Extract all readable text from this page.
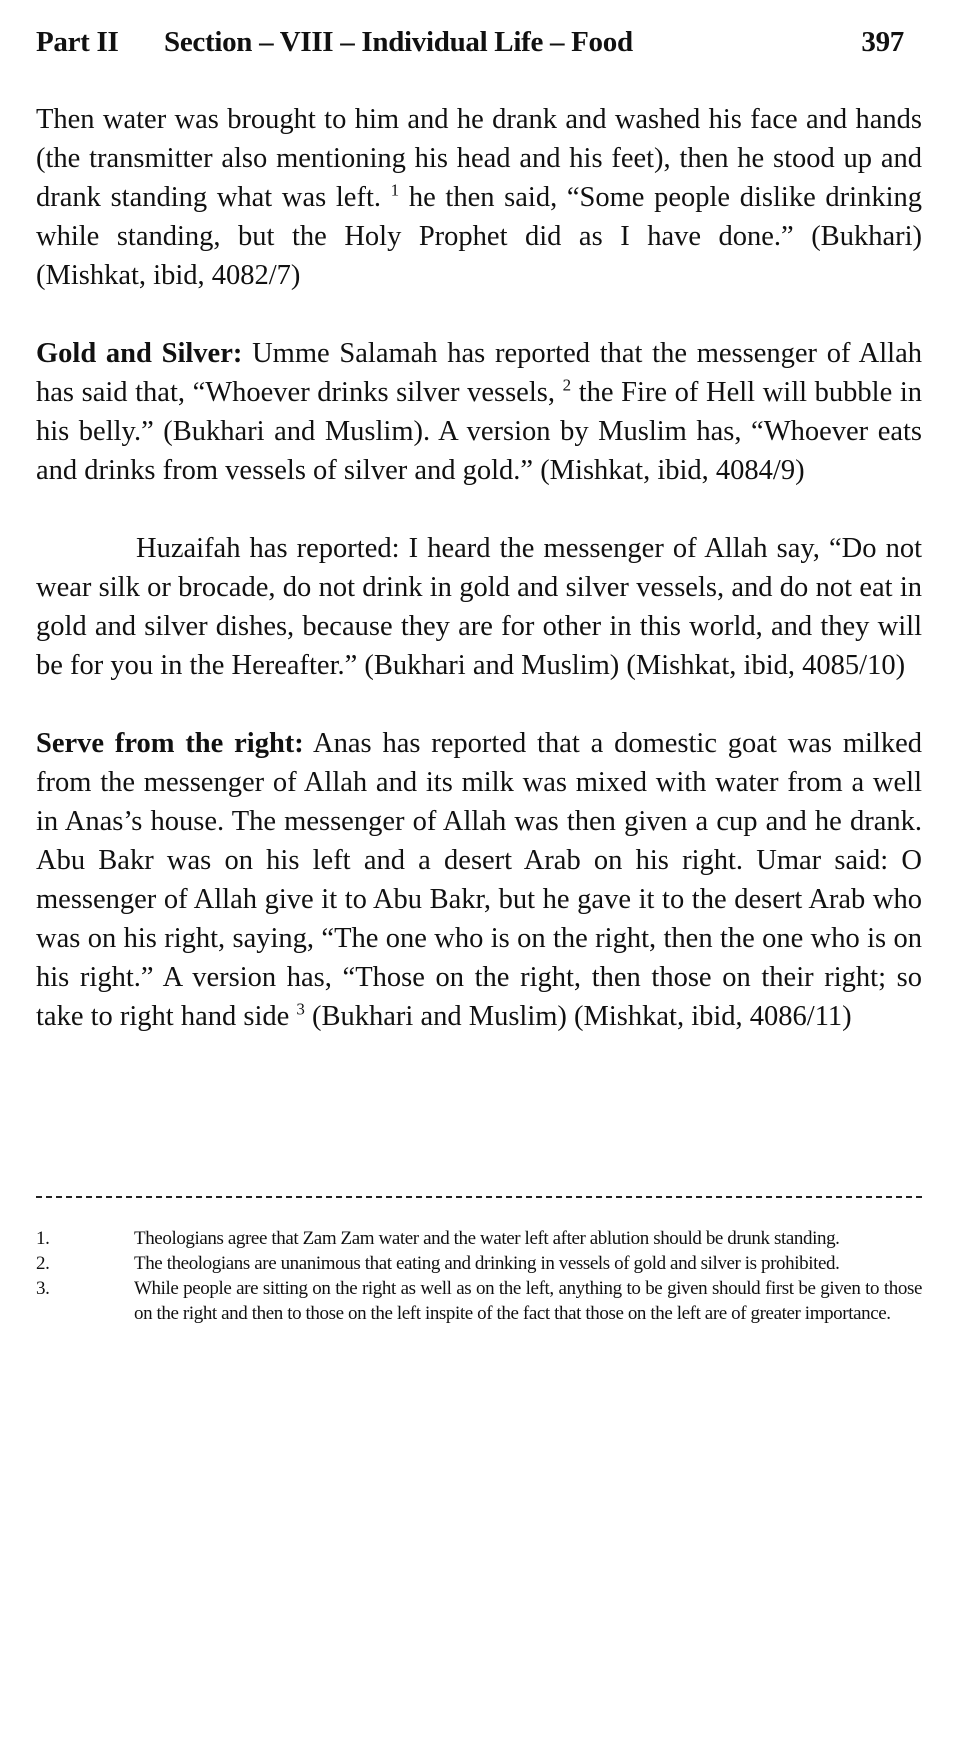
Part II Section – VIII – Individual Life – Food	397

Then water was brought to him and he drank and washed his face and hands (the transmitter also mentioning his head and his feet), then he stood up and drank standing what was left. $^1$ he then said, “Some people dislike drinking while standing, but the Holy Prophet did as I have done.” (Bukhari) (Mishkat, ibid, 4082/7)

Gold and Silver: Umme Salamah has reported that the messenger of Allah has said that, “Whoever drinks silver vessels, $^2$ the Fire of Hell will bubble in his belly.” (Bukhari and Muslim). A version by Muslim has, “Whoever eats and drinks from vessels of silver and gold.” (Mishkat, ibid, 4084/9)

Huzaifah has reported: I heard the messenger of Allah say, “Do not wear silk or brocade, do not drink in gold and silver vessels, and do not eat in gold and silver dishes, because they are for other in this world, and they will be for you in the Hereafter.” (Bukhari and Muslim) (Mishkat, ibid, 4085/10)

Serve from the right: Anas has reported that a domestic goat was milked from the messenger of Allah and its milk was mixed with water from a well in Anas’s house. The messenger of Allah was then given a cup and he drank. Abu Bakr was on his left and a desert Arab on his right. Umar said: O messenger of Allah give it to Abu Bakr, but he gave it to the desert Arab who was on his right, saying, “The one who is on the right, then the one who is on his right.” A version has, “Those on the right, then those on their right; so take to right hand side $^3$ (Bukhari and Muslim) (Mishkat, ibid, 4086/11)

1.	Theologians agree that Zam Zam water and the water left after ablution should be drunk standing.
2.	The theologians are unanimous that eating and drinking in vessels of gold and silver is prohibited.
3.	While people are sitting on the right as well as on the left, anything to be given should first be given to those on the right and then to those on the left inspite of the fact that those on the left are of greater importance.
